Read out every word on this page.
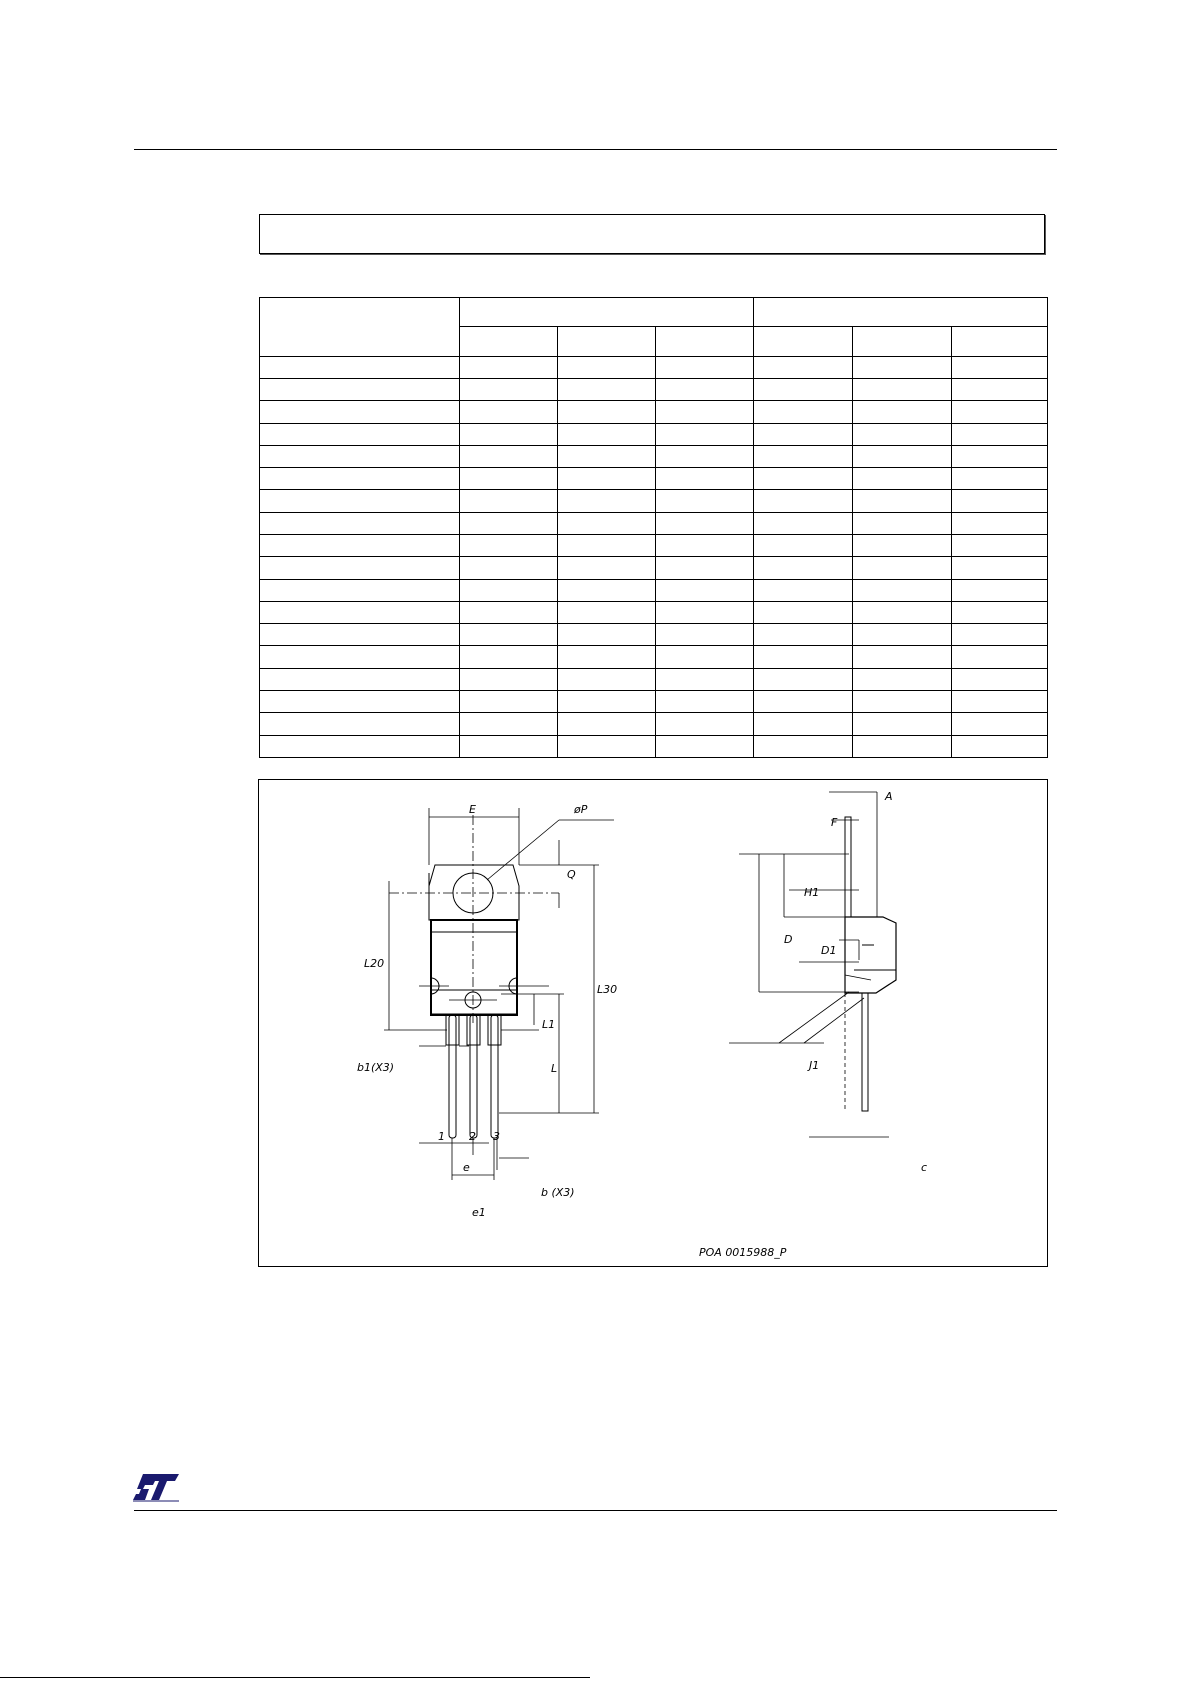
E	øP
Q
L20
L30
L1
L
b1(X3)
1 2 3
e
e1
b (X3)
A
F
H1
D
D1
J1
c
POA 0015988_P
